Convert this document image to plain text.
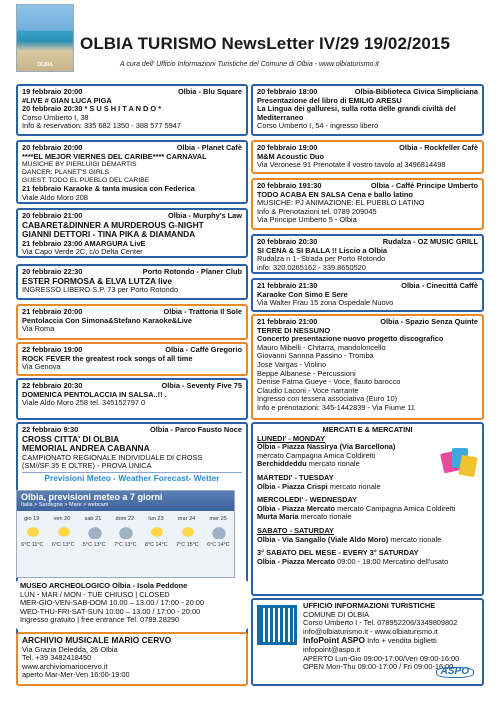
OLBIA
OLBIA TURISMO NewsLetter IV/29 19/02/2015
A cura dell' Ufficio Informazioni Turistiche del Comune di Olbia - www.olbiaturismo.it
19 febbraio 20:00	Olbia - Blu Square
#LIVE # GIAN LUCA PIGA
20 febbraio 20:30 * S U S H I T A N D O *
Corso Umberto I, 38
Info & reservation: 335 682 1350 - 388 577 5947
20 febbraio 20:00	Olbia - Planet Cafè
****EL MEJOR VIERNES DEL CARIBE**** CARNAVAL
MUSICHE BY PIERLUIGI DEMARTIS
DANCER: PLANET'S GIRLS
GUEST: TODO EL PUEBLO DEL CARIBE
21 febbraio Karaoke & tanta musica con Federica
Viale Aldo Moro 208
20 febbraio 21:00	Olbia - Murphy's Law
CABARET&DINNER A MURDEROUS G-NIGHT
GIANNI DETTORI - TINA PIKA & DIAMANDA
21 febbraio 23:00 AMARGURA LivE
Via Capo Verde 2C, c/o Delta Center
20 febbraio 22:30	Porto Rotondo - Planer Club
ESTER FORMOSA & ELVA LUTZA live
INGRESSO LIBERO S.P. 73 per Porto Rotondo
21 febbraio 20:00	Olbia - Trattoria Il Sole
Pentolaccia Con Simona&Stefano Karaoke&Live
Via Roma
22 febbraio 19:00	Olbia - Caffè Gregorio
ROCK FEVER the greatest rock songs of all time
Via Genova
22 febbraio 20:30	Olbia - Seventy Five 75
DOMENICA PENTOLACCIA IN SALSA..!! .
Viale Aldo Moro 258 tel. 345152797 0
22 febbraio 9:30	Olbia - Parco Fausto Noce
CROSS CITTA' DI OLBIA
MEMORIAL ANDREA CABANNA
CAMPIONATO REGIONALE INDIVIDUALE DI CROSS
(SM//SF 35 E OLTRE) - PROVA UNICA
Previsioni Meteo - Weather Forecast- Wetter
Olbia, previsioni meteo a 7 giorni
Italia > Sardegna > Mare > webcam
gio 19	ven 20	sab 21	dom 22	lun 23	mar 24	mer 25
6°C 11°C 6°C 13°C 5°C 13°C 7°C 13°C 8°C 14°C 7°C 15°C 6°C 14°C
MUSEO ARCHEOLOGICO Olbia - Isola Peddone
LUN - MAR / MON - TUE CHIUSO | CLOSED
MER-GIO-VEN-SAB-DOM 10.00 – 13.00 / 17:00 - 20:00
WED-THU-FRI-SAT-SUN 10.00 – 13.00 / 17:00 - 20:00
Ingresso gratuito | free entrance Tel. 0789.28290
ARCHIVIO MUSICALE MARIO CERVO
Via Grazia Deledda, 26 Olbia
Tel. +39 3482418450
www.archiviomariocervo.it
aperto Mar-Mer-Ven 16:00-19:00
20 febbraio 18:00	Olbia-Biblioteca Civica Simpliciana
Presentazione del libro di EMILIO ARESU
La Lingua dei galluresi, sulla rotta delle grandi civiltà del Mediterraneo
Corso Umberto I, 54 - ingresso libero
20 febbraio 19:00	Olbia - Rockfeller Cafè
M&M Acoustic Duo
Via Veronese 91 Prenotate il vostro tavolo al 3496814498
20 febbraio 191:30	Olbia - Caffè Principe Umberto
TODO ACABA EN SALSA Cena e ballo latino
MUSICHE: PJ ANIMAZIONE: EL PUEBLO LATINO
Info & Prenotazioni tel. 0789 209045
Via Principe Umberto 5 - Olbia
20 febbraio 20:30	Rudalza - OZ MUSIC GRILL
SI CENA & SI BALLA !! Liscio a Olbia
Rudalza n 1- Strada per Porto Rotondo
info: 320.0265162 - 339.8650520
21 febbraio 21:30	Olbia - Cinecittà Caffè
Karaoke Con Simo E Sere
Via Walter Frau 15 zona Ospedale Nuovo
21 febbraio 21:00	Olbia - Spazio Senza Quinte
TERRE DI NESSUNO
Concerto presentazione nuovo progetto discografico
Mauro Mibelli - Chitarra, mandoloncello
Giovanni Sannna Passino - Tromba
Jose Vargas - Violino
Beppe Albanese - Percussioni
Denise Fatma Gueye - Voce, flauto barocco
Claudio Laconi - Voce narrante
Ingresso con tessera associativa (Euro 10)
Info e prenotazioni: 345-1442839 - Via Fiume 11
MERCATI E & MERCATINI
LUNEDI' - MONDAY
Olbia - Piazza Nassirya (Via Barcellona)
mercato Campagna Amica Coldiretti
Berchiddeddu mercato rionale
MARTEDI' - TUESDAY
Olbia - Piazza Crispi mercato rionale
MERCOLEDI' - WEDNESDAY
Olbia - Piazza Mercato mercato Campagna Amica Coldiretti
Murta Maria mercato rionale
SABATO - SATURDAY
Olbia - Via Sangallo (Viale Aldo Moro) mercato rionale
3° SABATO DEL MESE - EVERY 3° SATURDAY
Olbia - Piazza Mercato 09:00 - 18:00 Mercatino dell'usato
UFFICIO INFORMAZIONI TURISTICHE
COMUNE DI OLBIA
Corso Umberto I - Tel. 078952206/3349809802
info@olbiaturismo.it - www.olbiaturismo.it
InfoPoint ASPO Info + vendita biglietti
infopoint@aspo.it
APERTO Lun-Gio 09:00-17:00/Ven 09:00-16:00
OPEN Mon-Thu 09:00-17:00 / Fri 09:00-16:00
ASPO
